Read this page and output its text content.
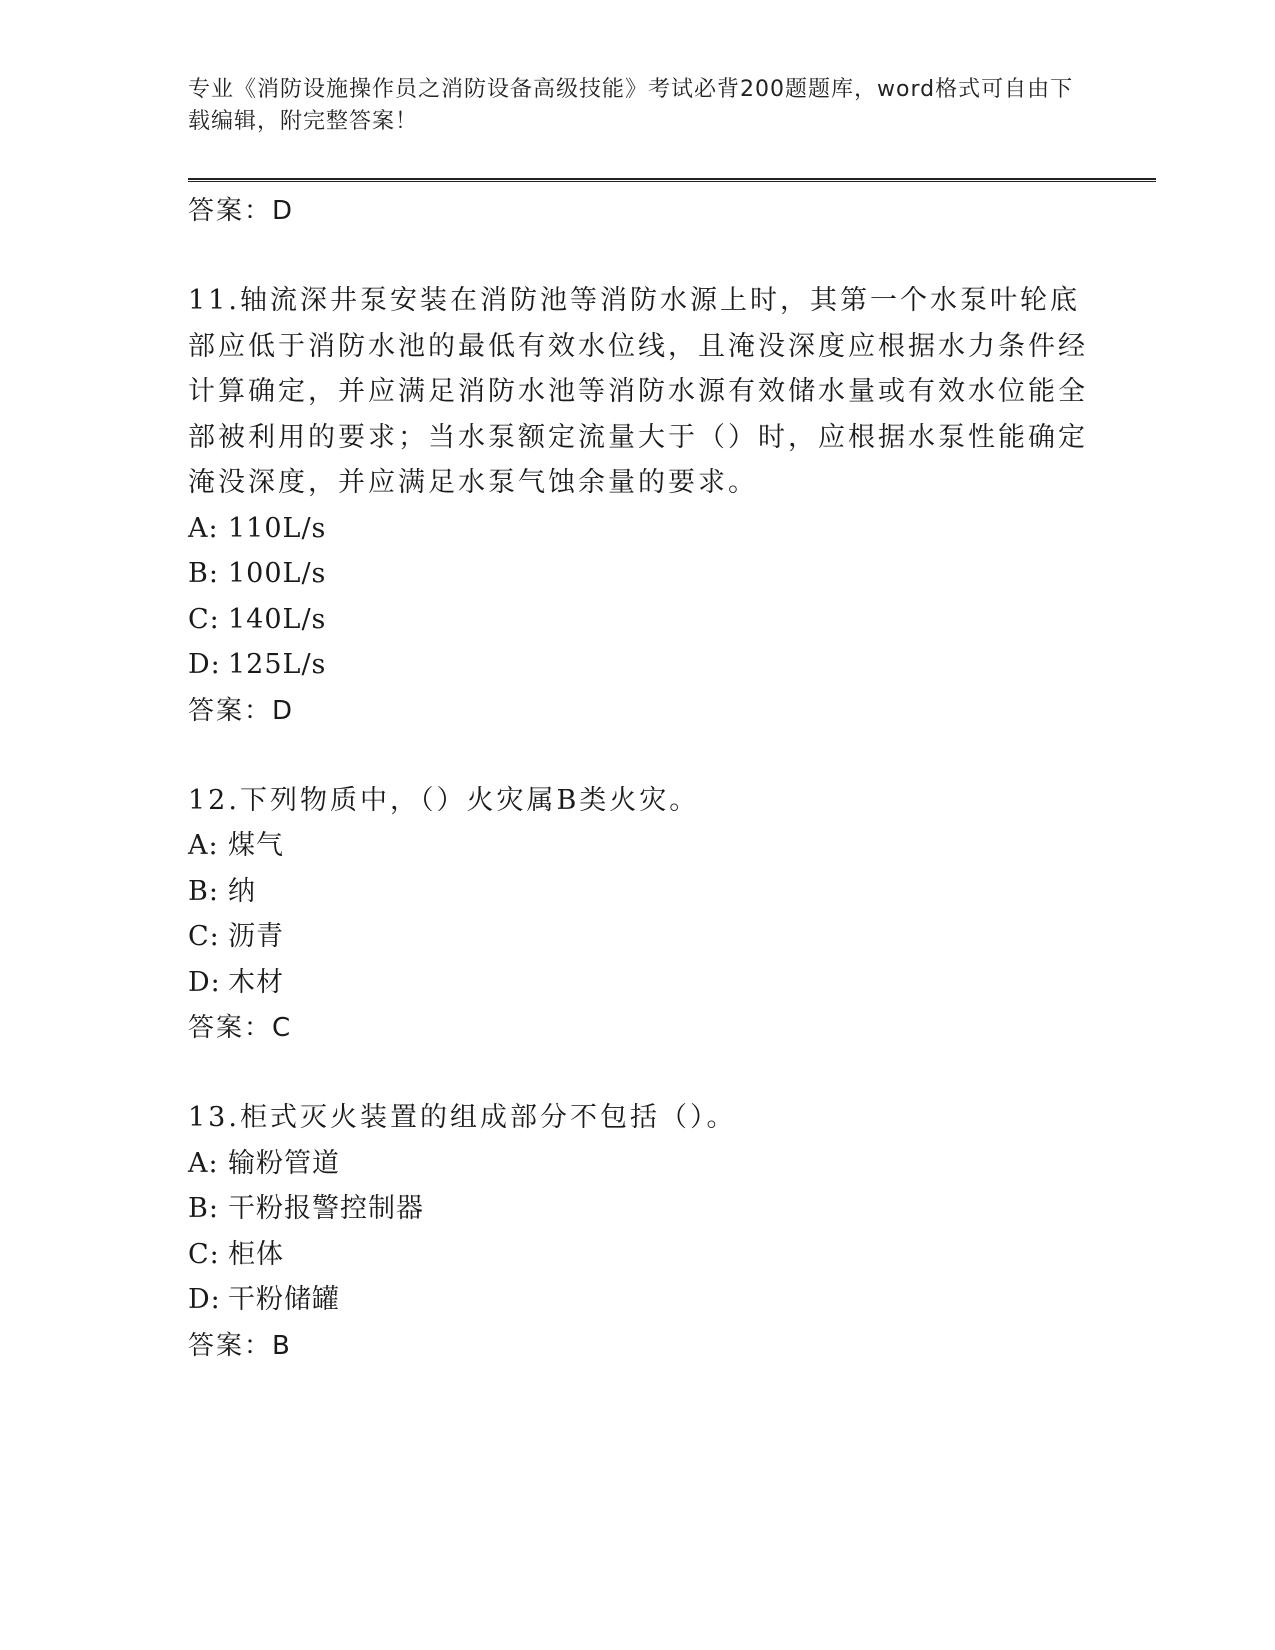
专业《消防设施操作员之消防设备高级技能》考试必背200题题库，word格式可自由下载编辑，附完整答案！
答案：D

11.轴流深井泵安装在消防池等消防水源上时，其第一个水泵叶轮底部应低于消防水池的最低有效水位线，且淹没深度应根据水力条件经计算确定，并应满足消防水池等消防水源有效储水量或有效水位能全部被利用的要求；当水泵额定流量大于（）时，应根据水泵性能确定淹没深度，并应满足水泵气蚀余量的要求。

A: 110L/s
B: 100L/s
C: 140L/s
D: 125L/s
答案：D

12.下列物质中，（）火灾属B类火灾。

A: 煤气
B: 纳
C: 沥青
D: 木材
答案：C

13.柜式灭火装置的组成部分不包括（）。

A: 输粉管道
B: 干粉报警控制器
C: 柜体
D: 干粉储罐
答案：B
